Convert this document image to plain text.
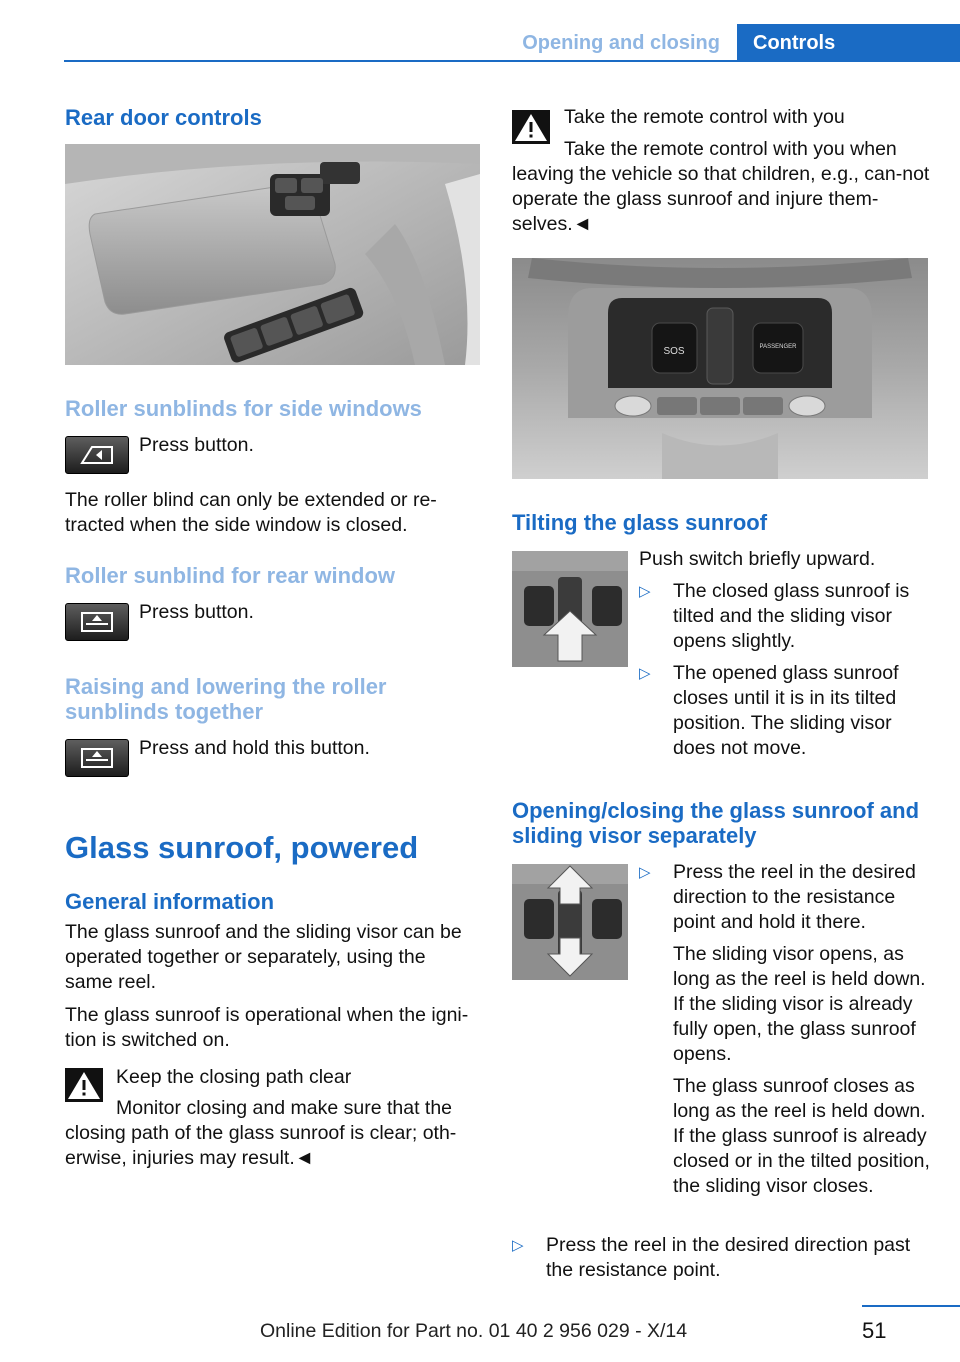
Opening and closing	Controls
Rear door controls
Roller sunblinds for side windows

Press button.

The roller blind can only be extended or re-tracted when the side window is closed.

Roller sunblind for rear window

Press button.

Raising and lowering the roller sunblinds together

Press and hold this button.

Glass sunroof, powered
General information

The glass sunroof and the sliding visor can be operated together or separately, using the same reel.

The glass sunroof is operational when the igni-tion is switched on.

Keep the closing path clear

Monitor closing and make sure that the closing path of the glass sunroof is clear; oth-erwise, injuries may result.◄

Take the remote control with you

Take the remote control with you when leaving the vehicle so that children, e.g., can-not operate the glass sunroof and injure them-selves.◄

SOS	PASSENGER
Tilting the glass sunroof

Push switch briefly upward.

▷ The closed glass sunroof is tilted and the sliding visor opens slightly.
▷ The opened glass sunroof closes until it is in its tilted position. The sliding visor does not move.
Opening/closing the glass sunroof and sliding visor separately
▷ Press the reel in the desired direction to the resistance point and hold it there.

The sliding visor opens, as long as the reel is held down. If the sliding visor is already fully open, the glass sunroof opens.

The glass sunroof closes as long as the reel is held down. If the glass sunroof is already closed or in the tilted position, the sliding visor closes.

▷ Press the reel in the desired direction past the resistance point.
51
Online Edition for Part no. 01 40 2 956 029 - X/14
